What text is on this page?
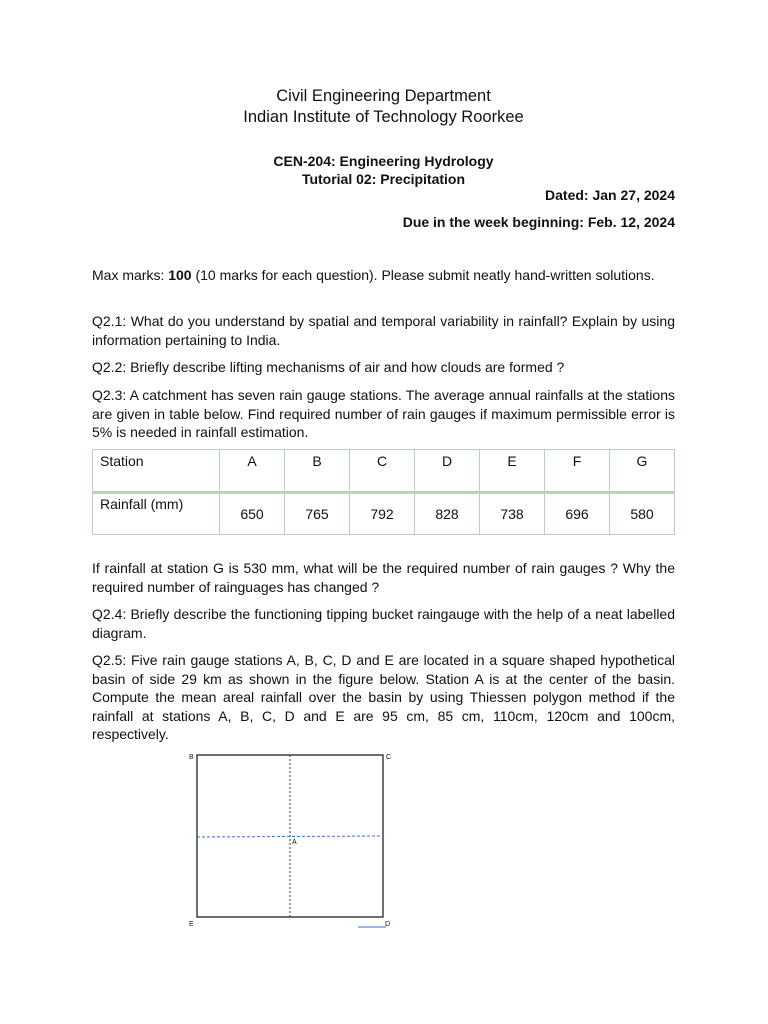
Civil Engineering Department
Indian Institute of Technology Roorkee
CEN-204: Engineering Hydrology
Tutorial 02: Precipitation
Dated: Jan 27, 2024
Due in the week beginning: Feb. 12, 2024
Max marks: 100 (10 marks for each question). Please submit neatly hand-written solutions.
Q2.1: What do you understand by spatial and temporal variability in rainfall? Explain by using information pertaining to India.
Q2.2: Briefly describe lifting mechanisms of air and how clouds are formed ?
Q2.3: A catchment has seven rain gauge stations. The average annual rainfalls at the stations are given in table below. Find required number of rain gauges if maximum permissible error is 5% is needed in rainfall estimation.
Station	A	B	C	D	E	F	G
Rainfall (mm)	650	765	792	828	738	696	580
If rainfall at station G is 530 mm, what will be the required number of rain gauges ? Why the required number of rainguages has changed ?
Q2.4: Briefly describe the functioning tipping bucket raingauge with the help of a neat labelled diagram.
Q2.5: Five rain gauge stations A, B, C, D and E are located in a square shaped hypothetical basin of side 29 km as shown in the figure below. Station A is at the center of the basin. Compute the mean areal rainfall over the basin by using Thiessen polygon method if the rainfall at stations A, B, C, D and E are 95 cm, 85 cm, 110cm, 120cm and 100cm, respectively.
B	C
E	D
A
